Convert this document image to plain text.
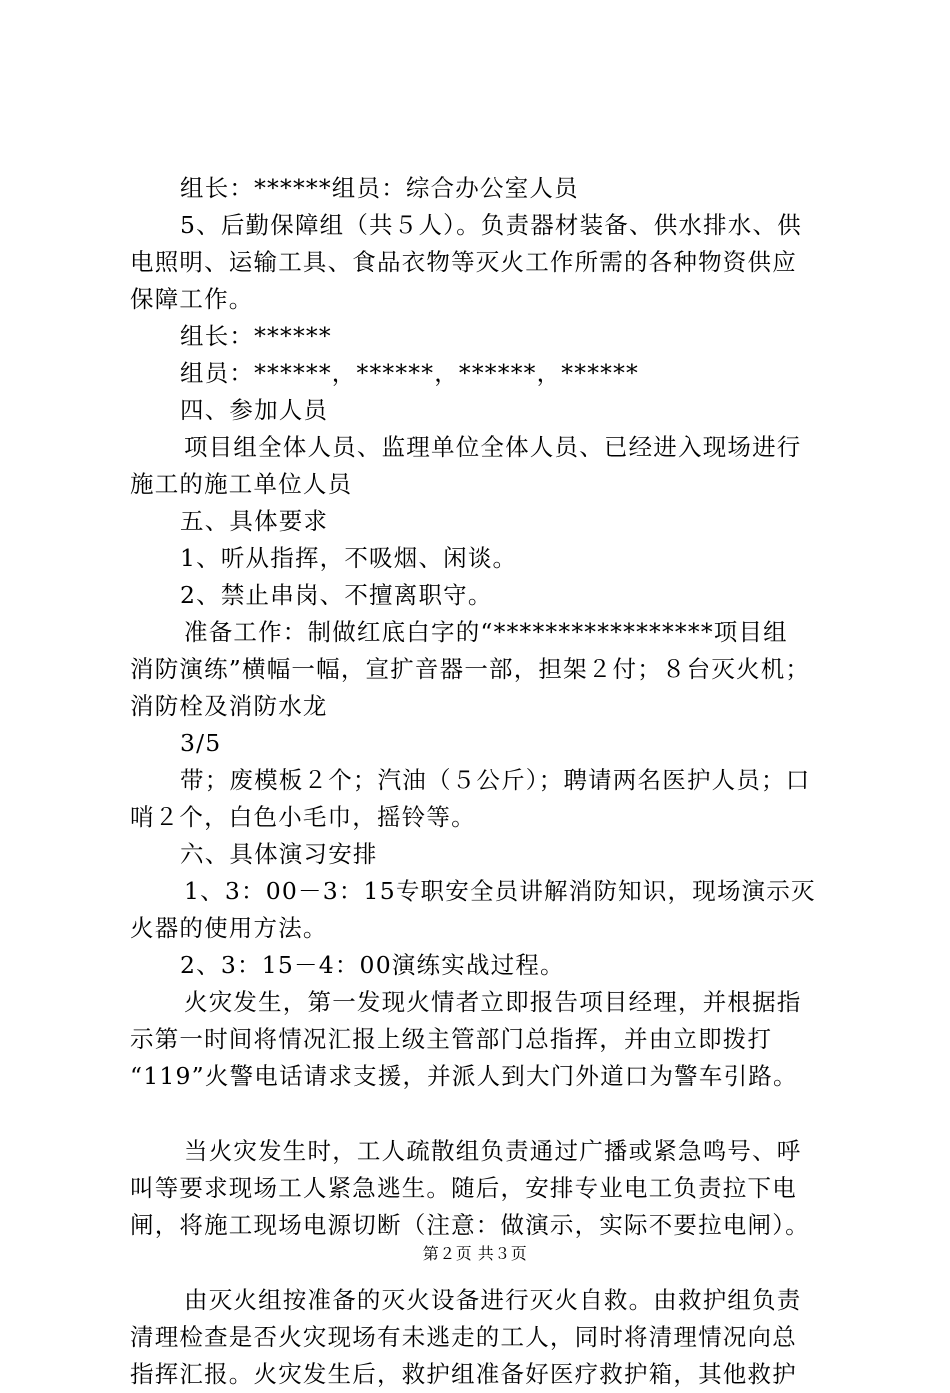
组长：******组员：综合办公室人员
5、后勤保障组（共５人）。负责器材装备、供水排水、供
电照明、运输工具、食品衣物等灭火工作所需的各种物资供应
保障工作。
组长：******
组员：******，******，******，******
四、参加人员
项目组全体人员、监理单位全体人员、已经进入现场进行
施工的施工单位人员
五、具体要求
1、听从指挥，不吸烟、闲谈。
2、禁止串岗、不擅离职守。
准备工作：制做红底白字的“*****************项目组
消防演练”横幅一幅，宣扩音器一部，担架２付；８台灭火机；
消防栓及消防水龙
3/5
带；废模板２个；汽油（５公斤）；聘请两名医护人员；口
哨２个，白色小毛巾，摇铃等。
六、具体演习安排
1、3：00－3：15专职安全员讲解消防知识，现场演示灭
火器的使用方法。
2、3：15－4：00演练实战过程。
火灾发生，第一发现火情者立即报告项目经理，并根据指
示第一时间将情况汇报上级主管部门总指挥，并由立即拨打
“119”火警电话请求支援，并派人到大门外道口为警车引路。
当火灾发生时，工人疏散组负责通过广播或紧急鸣号、呼
叫等要求现场工人紧急逃生。随后，安排专业电工负责拉下电
闸，将施工现场电源切断（注意：做演示，实际不要拉电闸）。
由灭火组按准备的灭火设备进行灭火自救。由救护组负责
清理检查是否火灾现场有未逃走的工人，同时将清理情况向总
指挥汇报。火灾发生后，救护组准备好医疗救护箱，其他救护
第２页 共３页
